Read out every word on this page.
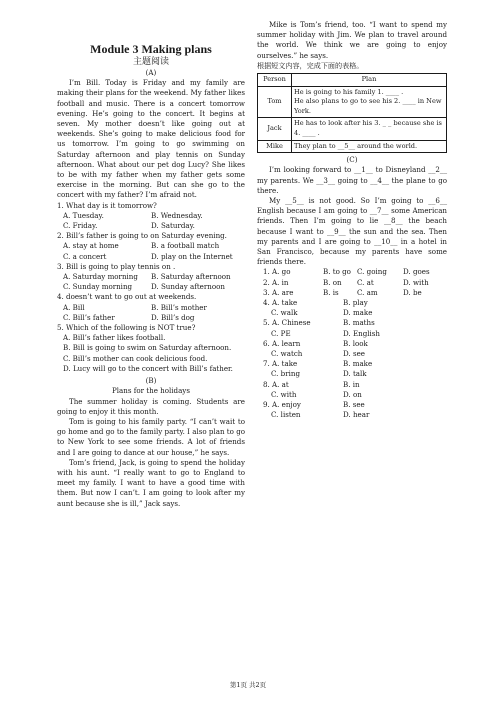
Module 3 Making plans
主题阅读
(A)

I’m Bill. Today is Friday and my family are making their plans for the weekend. My father likes football and music. There is a concert tomorrow evening. He’s going to the concert. It begins at seven. My mother doesn’t like going out at weekends. She’s going to make delicious food for us tomorrow. I’m going to go swimming on Saturday afternoon and play tennis on Sunday afternoon. What about our pet dog Lucy? She likes to be with my father when my father gets some exercise in the morning. But can she go to the concert with my father? I’m afraid not.

1. What day is it tomorrow?
A. Tuesday.	B. Wednesday.
C. Friday.	D. Saturday.
2. Bill’s father is going to on Saturday evening.
A. stay at home	B. a football match
C. a concert	D. play on the Internet
3. Bill is going to play tennis on .
A. Saturday morning	B. Saturday afternoon
C. Sunday morning	D. Sunday afternoon
4. doesn’t want to go out at weekends.
A. Bill	B. Bill’s mother
C. Bill’s father	D. Bill’s dog
5. Which of the following is NOT true?
A. Bill’s father likes football.
B. Bill is going to swim on Saturday afternoon.
C. Bill’s mother can cook delicious food.
D. Lucy will go to the concert with Bill’s father.
(B)
Plans for the holidays

The summer holiday is coming. Students are going to enjoy it this month.

Tom is going to his family party. “I can’t wait to go home and go to the family party. I also plan to go to New York to see some friends. A lot of friends and I are going to dance at our house,” he says.

Tom’s friend, Jack, is going to spend the holiday with his aunt. “I really want to go to England to meet my family. I want to have a good time with them. But now I can’t. I am going to look after my aunt because she is ill,” Jack says.

Mike is Tom’s friend, too. “I want to spend my summer holiday with Jim. We plan to travel around the world. We think we are going to enjoy ourselves.” he says.

根据短文内容，完成下面的表格。
Person	Plan
Tom	He is going to his family 1. ____ .
He also plans to go to see his 2. ____ in New York.

Jack	He has to look after his 3. _ _ because she is 4. ____ .

Mike	They plan to __5__ around the world.
(C)

I’m looking forward to __1__ to Disneyland __2__ my parents. We __3__ going to __4__ the plane to go there.

My __5__ is not good. So I’m going to __6__ English because I am going to __7__ some American friends. Then I’m going to lie __8__ the beach because I want to __9__ the sun and the sea. Then my parents and I are going to __10__ in a hotel in San Francisco, because my parents have some friends there.

1. A. go	B. to go C. going	D. goes
2. A. in	B. on	C. at	D. with
3. A. are	B. is	C. am	D. be
4. A. take	B. play
C. walk	D. make
5. A. Chinese	B. maths
C. PE	D. English
6. A. learn	B. look
C. watch	D. see
7. A. take	B. make
C. bring	D. talk
8. A. at	B. in
C. with	D. on
9. A. enjoy	B. see
C. listen	D. hear
第1页 共2页
